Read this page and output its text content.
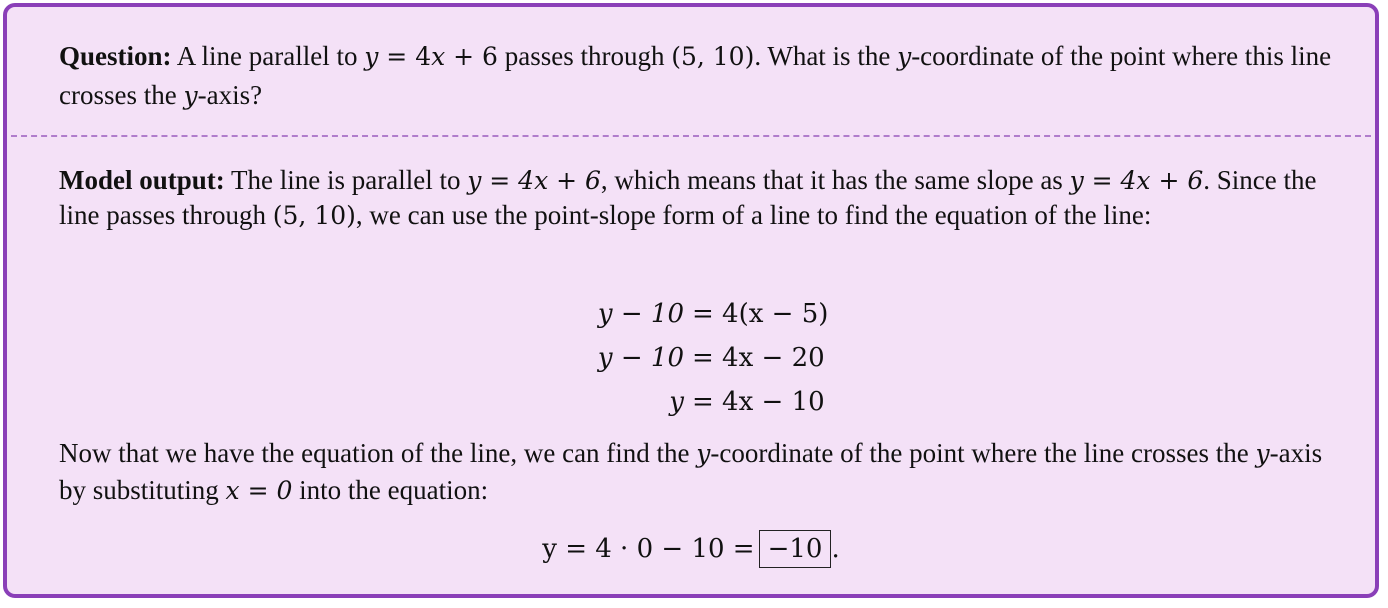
Question: A line parallel to y = 4x + 6 passes through (5, 10). What is the y-coordinate of the point where this line crosses the y-axis?
Model output: The line is parallel to y = 4x + 6, which means that it has the same slope as y = 4x + 6. Since the line passes through (5, 10), we can use the point-slope form of a line to find the equation of the line:
y − 10 = 4(x − 5)
y − 10 = 4x − 20
y = 4x − 10
Now that we have the equation of the line, we can find the y-coordinate of the point where the line crosses the y-axis by substituting x = 0 into the equation:
y = 4 · 0 − 10 = −10 .
